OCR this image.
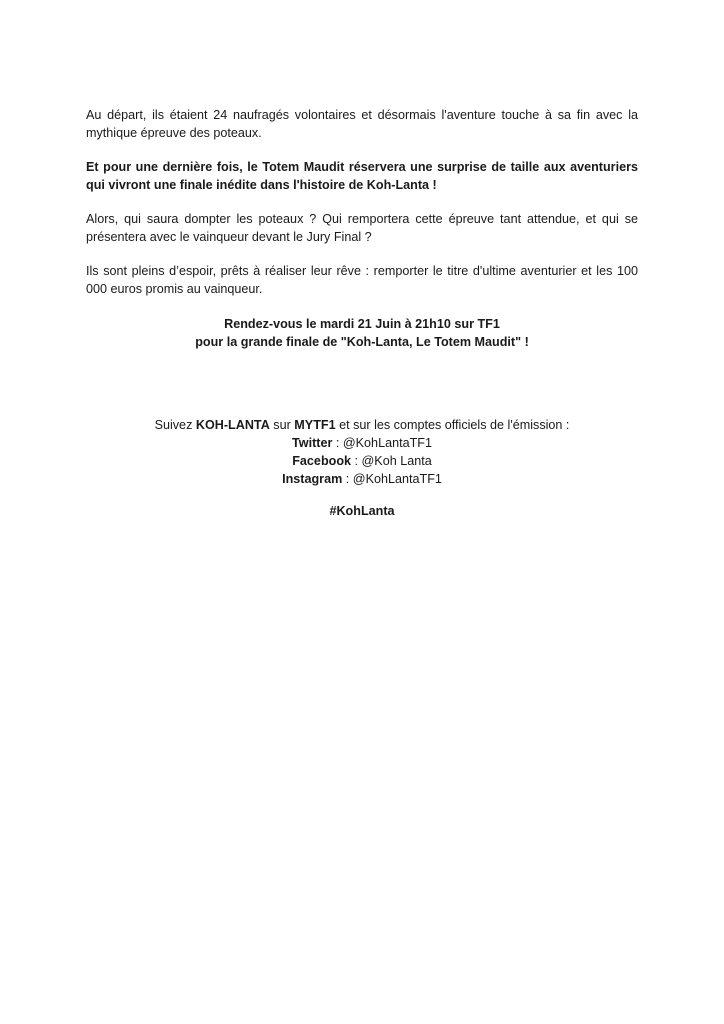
Au départ, ils étaient 24 naufragés volontaires et désormais l'aventure touche à sa fin avec la mythique épreuve des poteaux.

Et pour une dernière fois, le Totem Maudit réservera une surprise de taille aux aventuriers qui vivront une finale inédite dans l'histoire de Koh-Lanta !

Alors, qui saura dompter les poteaux ? Qui remportera cette épreuve tant attendue, et qui se présentera avec le vainqueur devant le Jury Final ?

Ils sont pleins d’espoir, prêts à réaliser leur rêve : remporter le titre d'ultime aventurier et les 100 000 euros promis au vainqueur.

Rendez-vous le mardi 21 Juin à 21h10 sur TF1
pour la grande finale de "Koh-Lanta, Le Totem Maudit" !
Suivez KOH-LANTA sur MYTF1 et sur les comptes officiels de l'émission :
Twitter : @KohLantaTF1
Facebook : @Koh Lanta
Instagram : @KohLantaTF1
#KohLanta
